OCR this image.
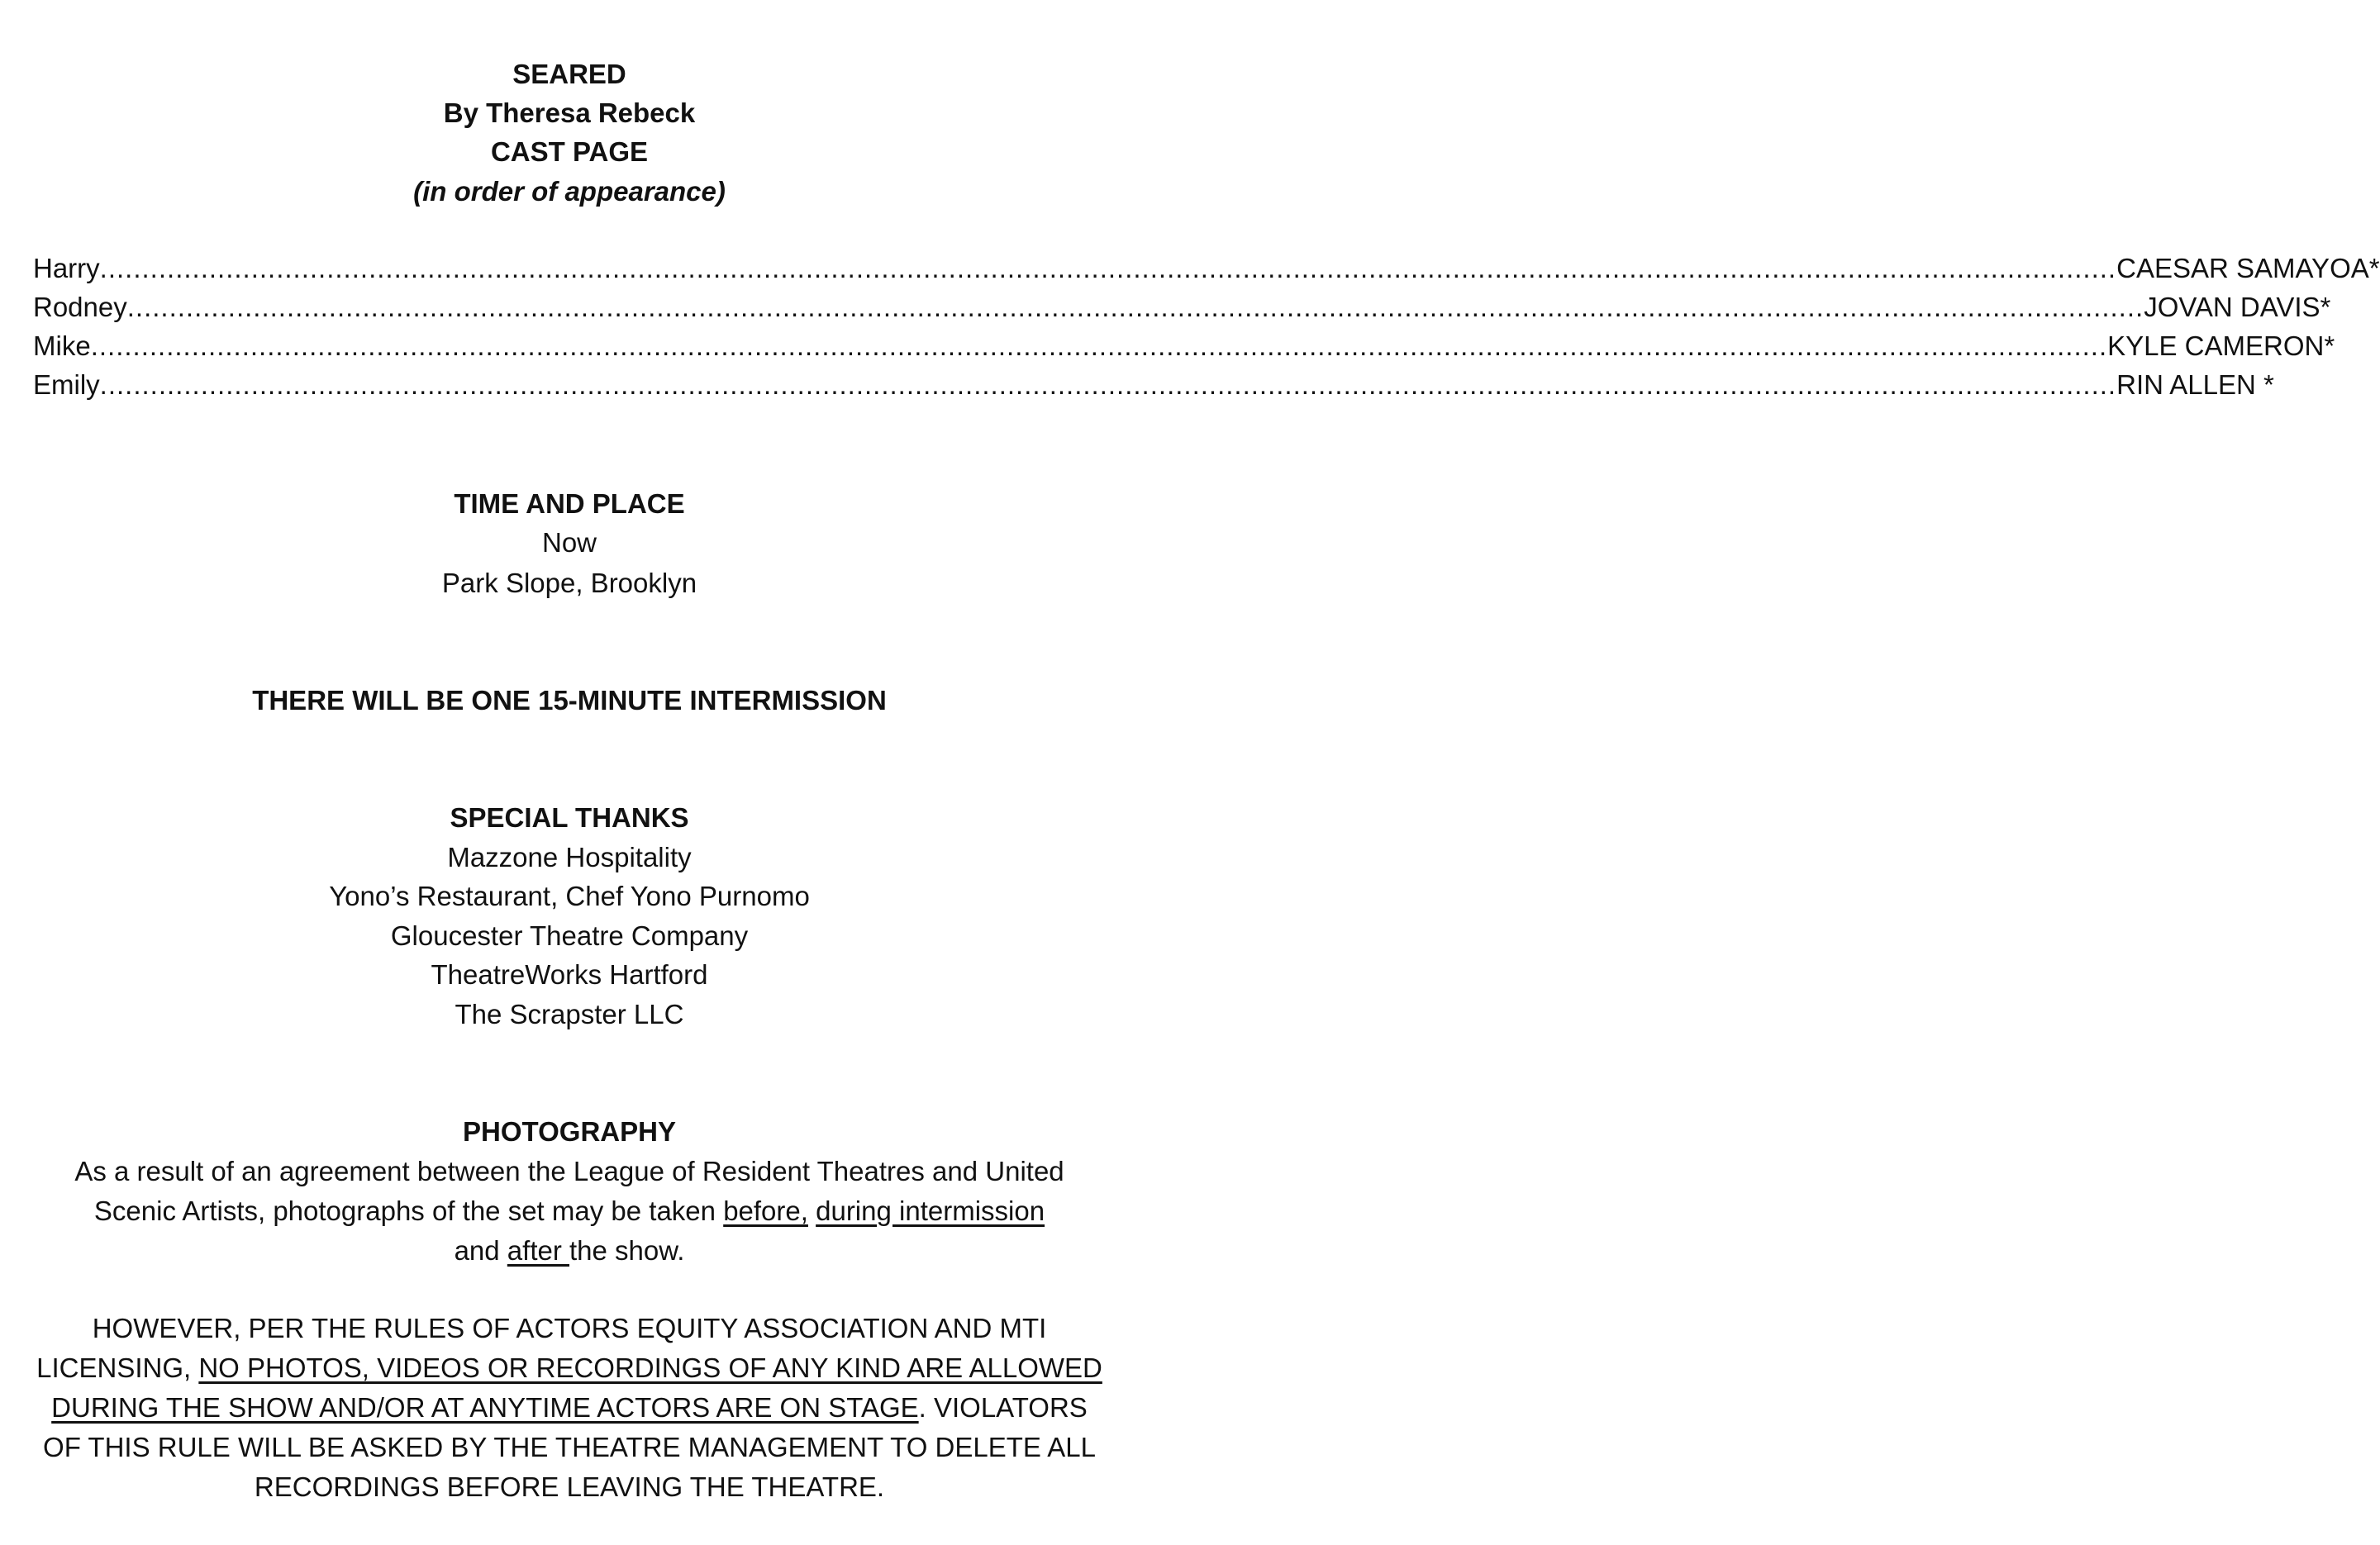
SEARED
By Theresa Rebeck
CAST PAGE
(in order of appearance)
Harry ................................................................................................................................................................................................................................................ CAESAR SAMAYOA*
Rodney ................................................................................................................................................................................................................................................ JOVAN DAVIS*
Mike ................................................................................................................................................................................................................................................ KYLE CAMERON*
Emily ................................................................................................................................................................................................................................................ RIN ALLEN *
TIME AND PLACE
Now
Park Slope, Brooklyn
THERE WILL BE ONE 15-MINUTE INTERMISSION
SPECIAL THANKS
Mazzone Hospitality
Yono’s Restaurant, Chef Yono Purnomo
Gloucester Theatre Company
TheatreWorks Hartford
The Scrapster LLC
PHOTOGRAPHY
As a result of an agreement between the League of Resident Theatres and United Scenic Artists, photographs of the set may be taken before, during intermission
and after the show.
HOWEVER, PER THE RULES OF ACTORS EQUITY ASSOCIATION AND MTI LICENSING, NO PHOTOS, VIDEOS OR RECORDINGS OF ANY KIND ARE ALLOWED DURING THE SHOW AND/OR AT ANYTIME ACTORS ARE ON STAGE. VIOLATORS OF THIS RULE WILL BE ASKED BY THE THEATRE MANAGEMENT TO DELETE ALL RECORDINGS BEFORE LEAVING THE THEATRE.
